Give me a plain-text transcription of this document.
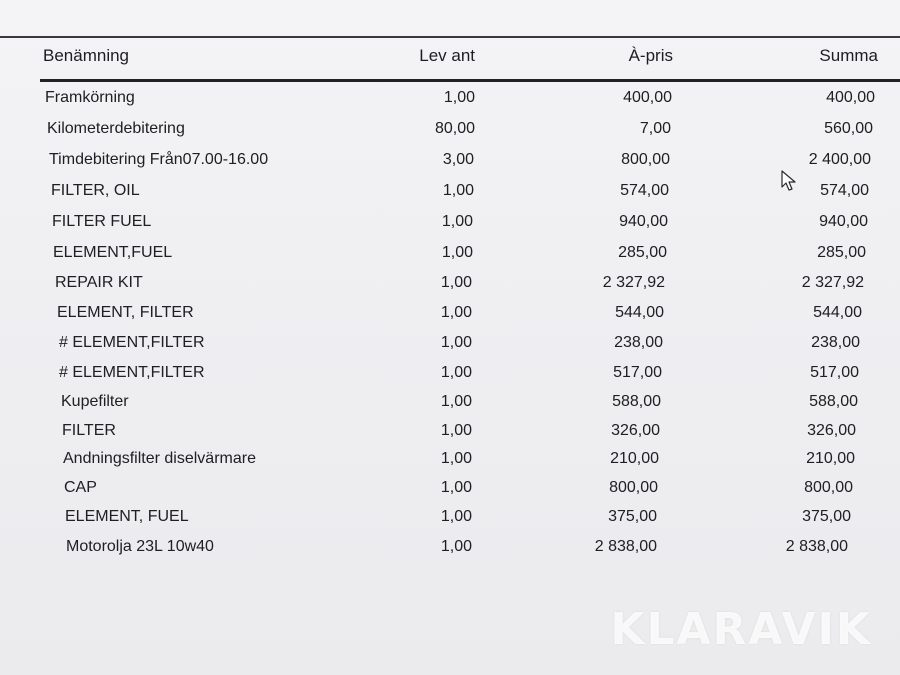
Benämning	Lev ant	À-pris	Summa
Framkörning	1,00	400,00	400,00
Kilometerdebitering	80,00	7,00	560,00
Timdebitering Från07.00-16.00	3,00	800,00	2 400,00
FILTER, OIL	1,00	574,00	574,00
FILTER FUEL	1,00	940,00	940,00
ELEMENT,FUEL	1,00	285,00	285,00
REPAIR KIT	1,00	2 327,92	2 327,92
ELEMENT, FILTER	1,00	544,00	544,00
# ELEMENT,FILTER	1,00	238,00	238,00
# ELEMENT,FILTER	1,00	517,00	517,00
Kupefilter	1,00	588,00	588,00
FILTER	1,00	326,00	326,00
Andningsfilter diselvärmare	1,00	210,00	210,00
CAP	1,00	800,00	800,00
ELEMENT, FUEL	1,00	375,00	375,00
Motorolja 23L 10w40	1,00	2 838,00	2 838,00
KLARAVIK
